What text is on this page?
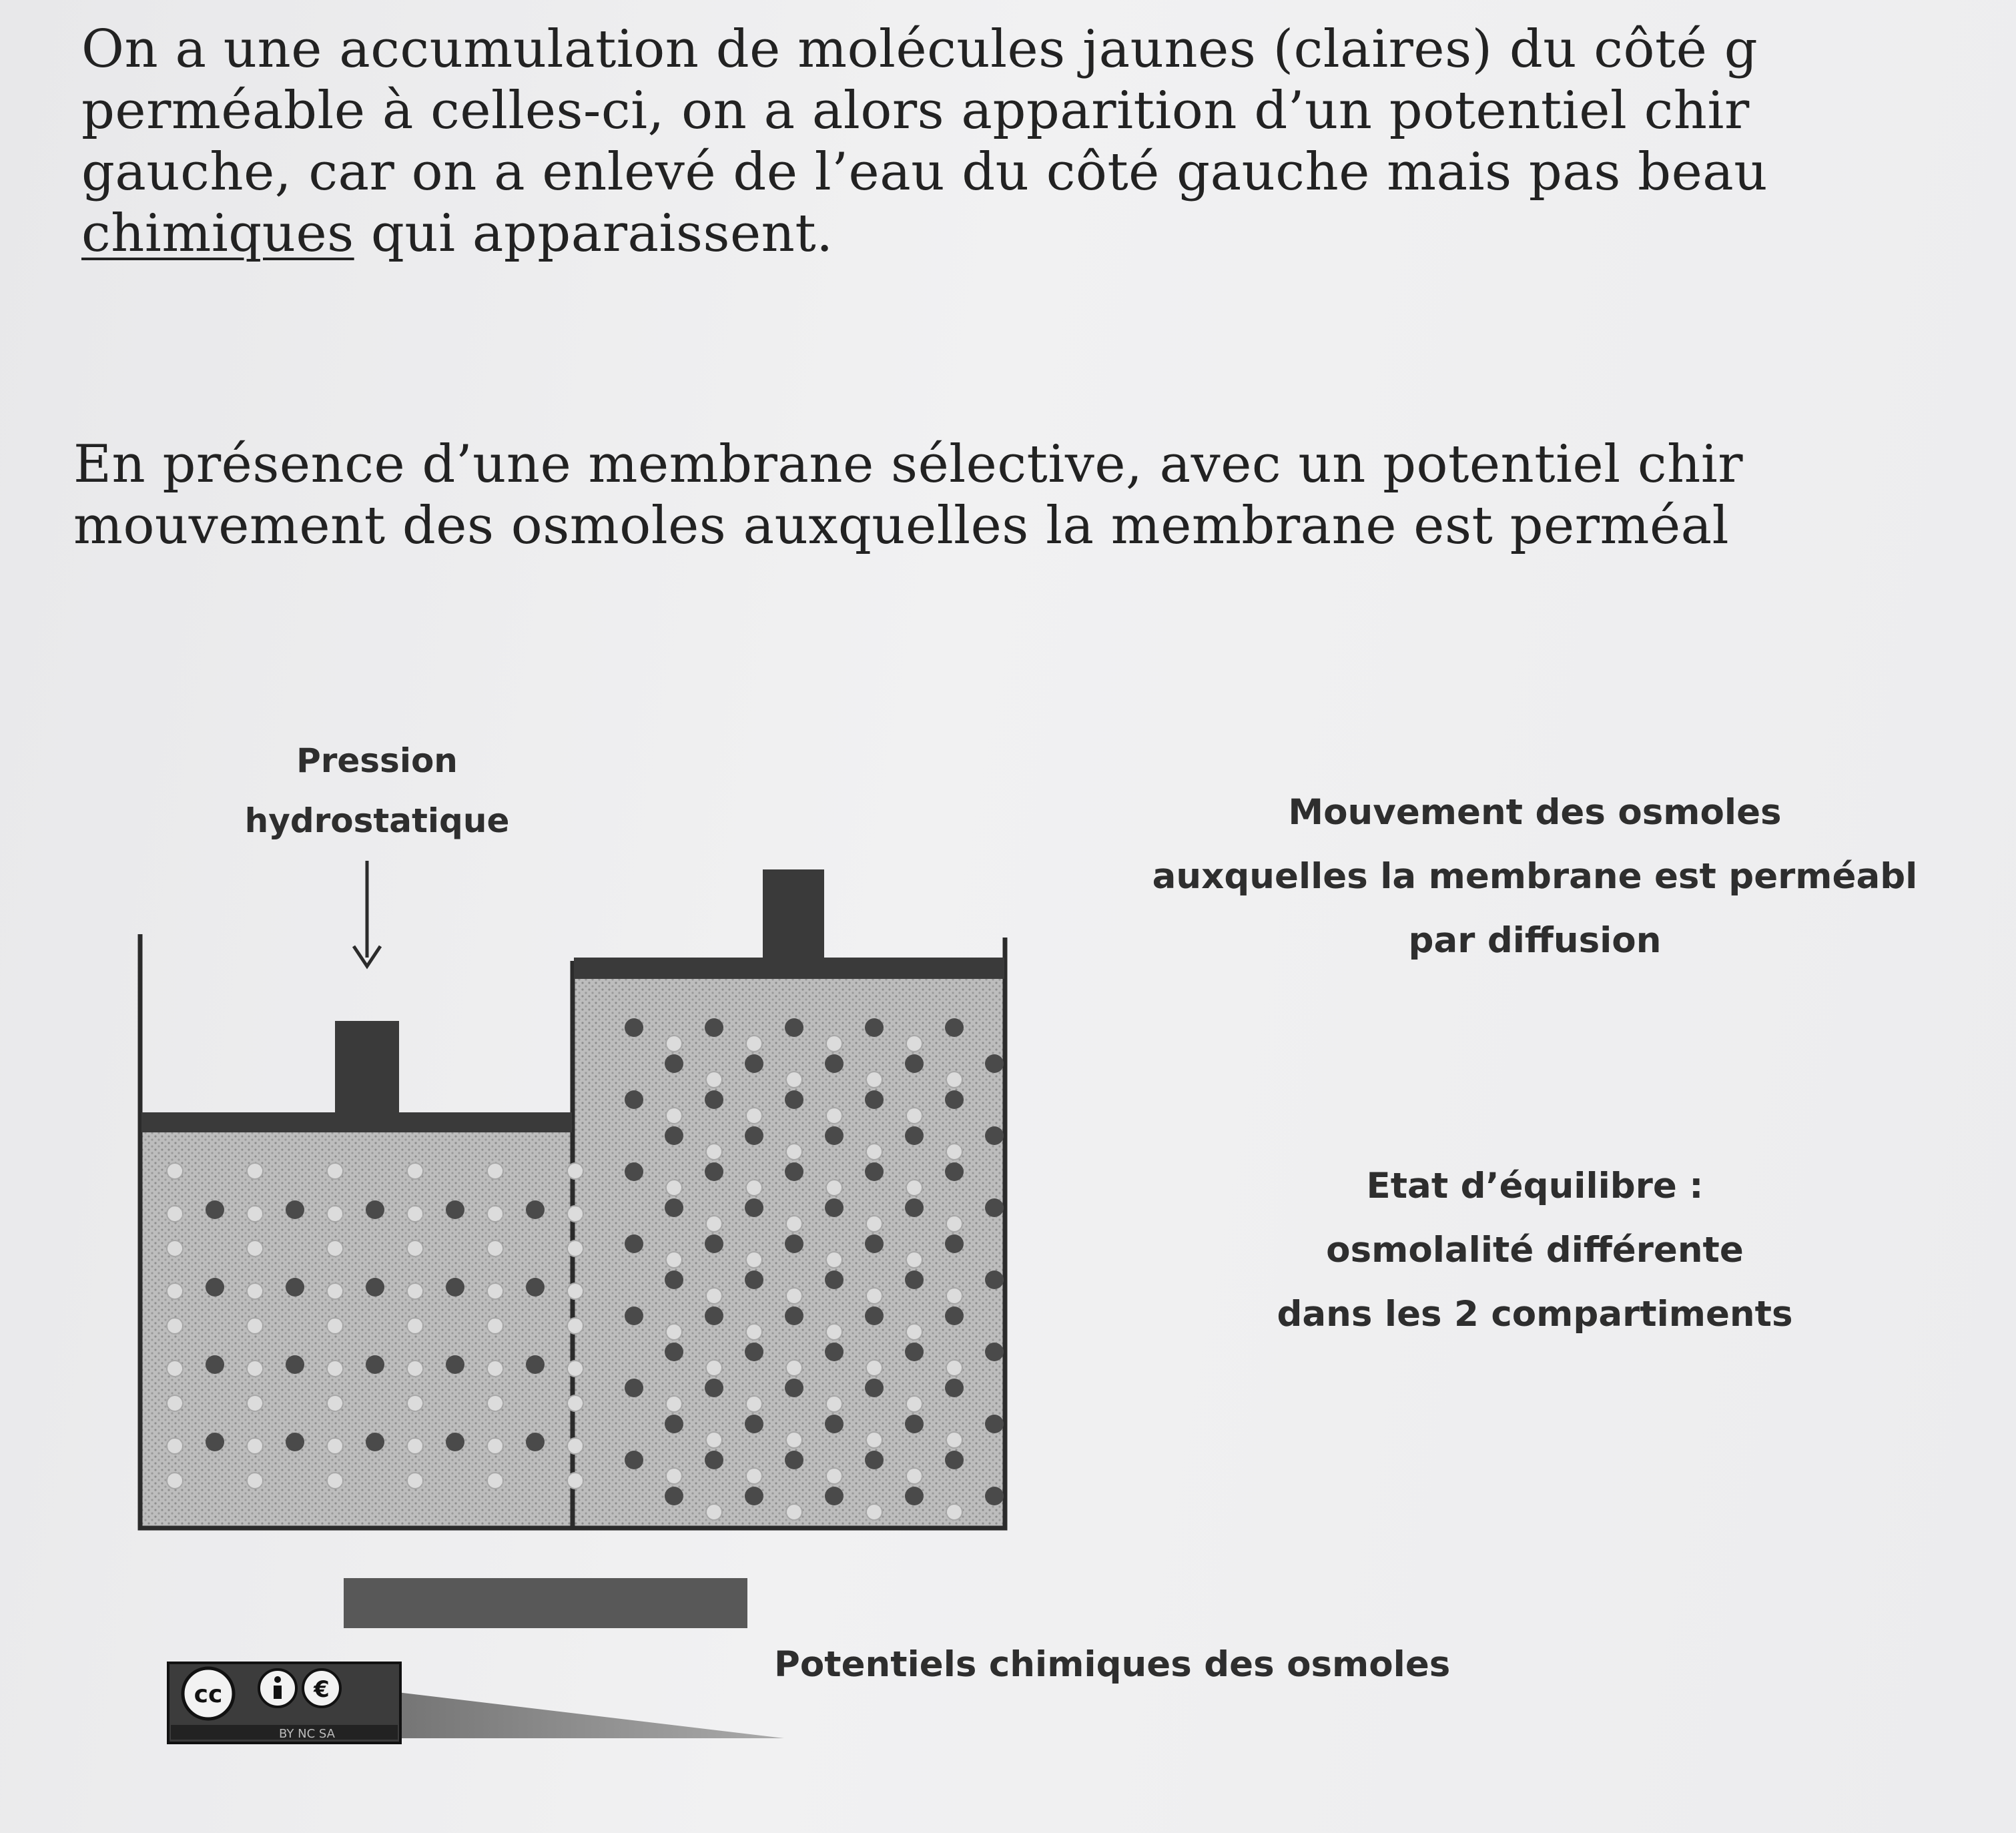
On a une accumulation de molécules jaunes (claires) du côté g
perméable à celles-ci, on a alors apparition d’un potentiel chir
gauche, car on a enlevé de l’eau du côté gauche mais pas beau
chimiques qui apparaissent.

En présence d’une membrane sélective, avec un potentiel chir
mouvement des osmoles auxquelles la membrane est perméal

€
cc
BY NC SA
Pression
hydrostatique	Mouvement des osmoles
auxquelles la membrane est perméabl
par diffusion
Etat d’équilibre :
osmolalité différente
dans les 2 compartiments
Potentiels chimiques des osmoles
